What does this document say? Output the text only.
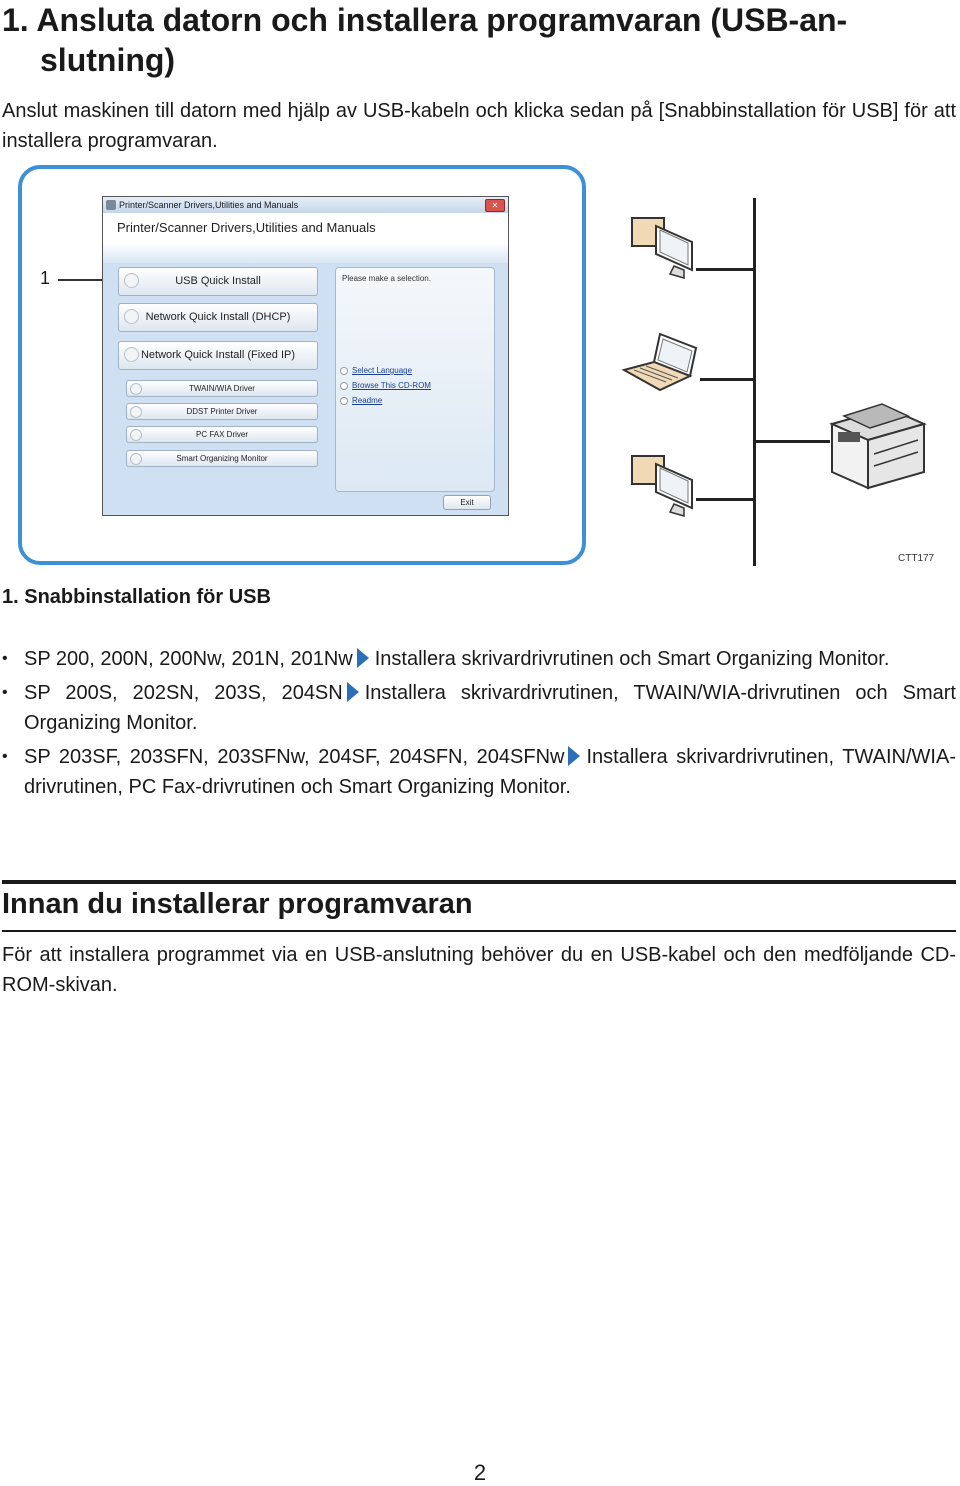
1. Ansluta datorn och installera programvaran (USB-an-
slutning)
Anslut maskinen till datorn med hjälp av USB-kabeln och klicka sedan på [Snabbinstallation för USB] för att installera programvaran.
1
Printer/Scanner Drivers,Utilities and Manuals	✕
Printer/Scanner Drivers,Utilities and Manuals
USB Quick Install
Network Quick Install (DHCP)
Network Quick Install (Fixed IP)
TWAIN/WIA Driver
DDST Printer Driver
PC FAX Driver
Smart Organizing Monitor
Please make a selection.
Select Language
Browse This CD-ROM
Readme
Exit
CTT177
1. Snabbinstallation för USB
• SP 200, 200N, 200Nw, 201N, 201Nw Installera skrivardrivrutinen och Smart Organizing Monitor.
• SP 200S, 202SN, 203S, 204SN Installera skrivardrivrutinen, TWAIN/WIA-drivrutinen och Smart Organizing Monitor.
• SP 203SF, 203SFN, 203SFNw, 204SF, 204SFN, 204SFNw Installera skrivardrivrutinen, TWAIN/WIA-drivrutinen, PC Fax-drivrutinen och Smart Organizing Monitor.
Innan du installerar programvaran
För att installera programmet via en USB-anslutning behöver du en USB-kabel och den medföljande CD-ROM-skivan.
2
